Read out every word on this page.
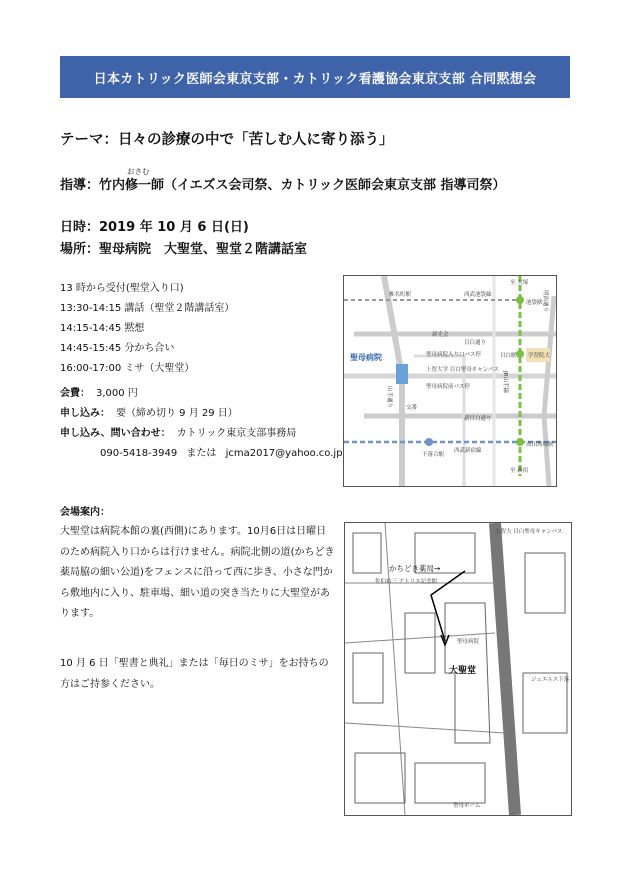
日本カトリック医師会東京支部・カトリック看護協会東京支部 合同黙想会
テーマ：日々の診療の中で「苦しむ人に寄り添う」
おさむ
指導：竹内修一師（イエズス会司祭、カトリック医師会東京支部 指導司祭）
日時：2019 年 10 月 6 日(日)
場所：聖母病院　大聖堂、聖堂２階講話室
13 時から受付(聖堂入り口)
13:30-14:15 講話（聖堂２階講話室）
14:15-14:45 黙想
14:45-15:45 分かち合い
16:00-17:00 ミサ（大聖堂）
会費： 3,000 円
申し込み： 要（締め切り 9 月 29 日）
申し込み、問い合わせ： カトリック東京支部事務局
090-5418-3949 または jcma2017@yahoo.co.jp
椎名町駅	西武池袋線
至 大塚
池袋駅 明治通り
新光会
目白通り
目白駅 学習院大
聖母病院	聖母病院入り口バス停
上智大学 目白聖母キャンパス
聖母病院前バス停
山手通り	交番
JR山手線
新目白通り
下落合駅
西武新宿線
高田馬場駅
至 新宿
会場案内：
大聖堂は病院本館の裏(西側)にあります。10月6日は日曜日のため病院入り口からは行けません。病院北側の道(かちどき薬局脇の細い公道)をフェンスに沿って西に歩き、小さな門から敷地内に入り、駐車場、細い道の突き当たりに大聖堂があります。
10 月 6 日「聖書と典礼」または「毎日のミサ」をお持ちの方はご持参ください。
上智大 目白聖母キャンパス
佐伯祐三 アトリエ記念館
かちどき薬局→
聖母病院
大聖堂
ジュエルス下落
聖母ホーム
